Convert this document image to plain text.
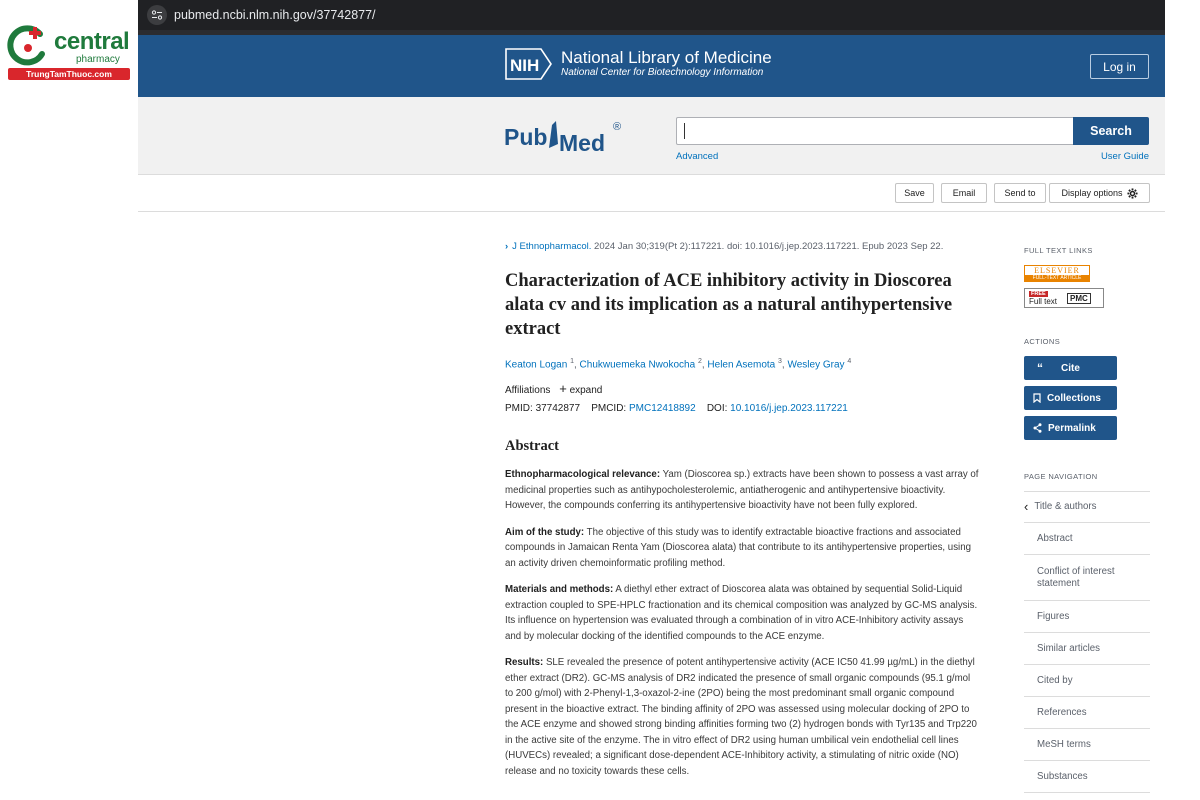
central
pharmacy
TrungTamThuoc.com
pubmed.ncbi.nlm.nih.gov/37742877/
NIH National Library of Medicine
National Center for Biotechnology Information	Log in
Pub Med
®	Search
Advanced	User Guide
Save	Email	Send to	Display options
› J Ethnopharmacol. 2024 Jan 30;319(Pt 2):117221. doi: 10.1016/j.jep.2023.117221. Epub 2023 Sep 22.
Characterization of ACE inhibitory activity in Dioscorea alata cv and its implication as a natural antihypertensive extract
Keaton Logan $^1$, Chukwuemeka Nwokocha $^2$, Helen Asemota $^3$, Wesley Gray $^4$
Affiliations + expand
PMID: 37742877 PMCID: PMC12418892 DOI: 10.1016/j.jep.2023.117221
Abstract

Ethnopharmacological relevance: Yam (Dioscorea sp.) extracts have been shown to possess a vast array of medicinal properties such as antihypocholesterolemic, antiatherogenic and antihypertensive bioactivity. However, the compounds conferring its antihypertensive bioactivity have not been fully explored.

Aim of the study: The objective of this study was to identify extractable bioactive fractions and associated compounds in Jamaican Renta Yam (Dioscorea alata) that contribute to its antihypertensive properties, using an activity driven chemoinformatic profiling method.

Materials and methods: A diethyl ether extract of Dioscorea alata was obtained by sequential Solid-Liquid extraction coupled to SPE-HPLC fractionation and its chemical composition was analyzed by GC-MS analysis. Its influence on hypertension was evaluated through a combination of in vitro ACE-Inhibitory activity assays and by molecular docking of the identified compounds to the ACE enzyme.

Results: SLE revealed the presence of potent antihypertensive activity (ACE IC50 41.99 µg/mL) in the diethyl ether extract (DR2). GC-MS analysis of DR2 indicated the presence of small organic compounds (95.1 g/mol to 200 g/mol) with 2-Phenyl-1,3-oxazol-2-ine (2PO) being the most predominant small organic compound present in the bioactive extract. The binding affinity of 2PO was assessed using molecular docking of 2PO to the ACE enzyme and showed strong binding affinities forming two (2) hydrogen bonds with Tyr135 and Trp220 in the active site of the enzyme. The in vitro effect of DR2 using human umbilical vein endothelial cell lines (HUVECs) revealed; a significant dose-dependent ACE-Inhibitory activity, a stimulating of nitric oxide (NO) release and no toxicity towards these cells.

FULL TEXT LINKS
ELSEVIER
FULL-TEXT ARTICLE
FREE
Full text	PMC
ACTIONS
“	Cite
Collections
Permalink
PAGE NAVIGATION
‹ Title & authors
Abstract
Conflict of interest statement
Figures
Similar articles
Cited by
References
MeSH terms
Substances
